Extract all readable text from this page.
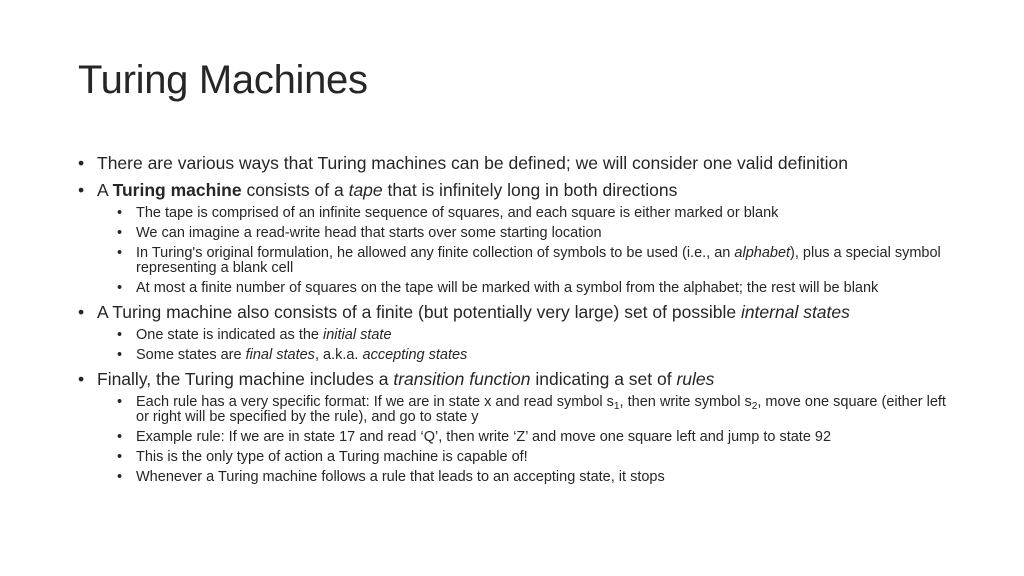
Turing Machines
• There are various ways that Turing machines can be defined; we will consider one valid definition
• A Turing machine consists of a tape that is infinitely long in both directions
• The tape is comprised of an infinite sequence of squares, and each square is either marked or blank
• We can imagine a read-write head that starts over some starting location
• In Turing's original formulation, he allowed any finite collection of symbols to be used (i.e., an alphabet), plus a special symbol representing a blank cell
• At most a finite number of squares on the tape will be marked with a symbol from the alphabet; the rest will be blank
• A Turing machine also consists of a finite (but potentially very large) set of possible internal states
• One state is indicated as the initial state
• Some states are final states, a.k.a. accepting states
• Finally, the Turing machine includes a transition function indicating a set of rules
• Each rule has a very specific format: If we are in state x and read symbol $s_1$, then write symbol $s_2$, move one square (either left or right will be specified by the rule), and go to state y
• Example rule: If we are in state 17 and read ‘Q’, then write ‘Z’ and move one square left and jump to state 92
• This is the only type of action a Turing machine is capable of!
• Whenever a Turing machine follows a rule that leads to an accepting state, it stops
